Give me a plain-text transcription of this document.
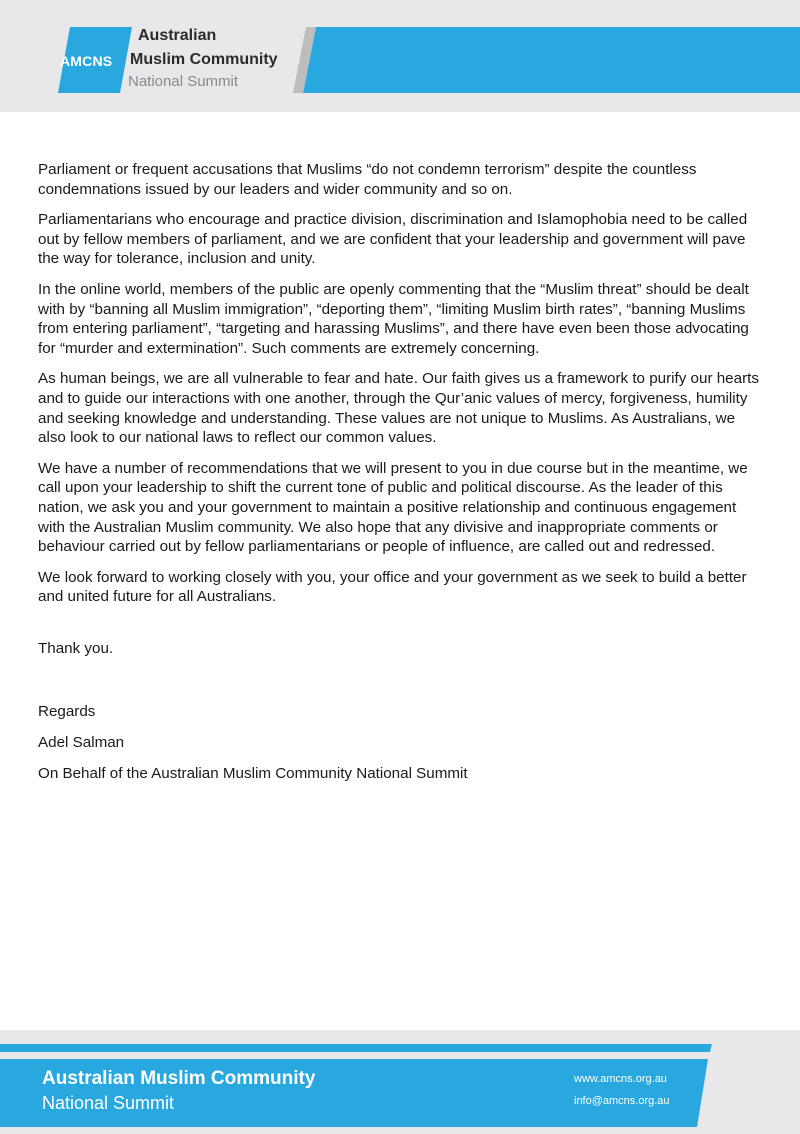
AMCNS
Australian
Muslim Community
National Summit

Parliament or frequent accusations that Muslims “do not condemn terrorism” despite the countless condemnations issued by our leaders and wider community and so on.

Parliamentarians who encourage and practice division, discrimination and Islamophobia need to be called out by fellow members of parliament, and we are confident that your leadership and government will pave the way for tolerance, inclusion and unity.

In the online world, members of the public are openly commenting that the “Muslim threat” should be dealt with by “banning all Muslim immigration”, “deporting them”, “limiting Muslim birth rates”, “banning Muslims from entering parliament”, “targeting and harassing Muslims”, and there have even been those advocating for “murder and extermination”. Such comments are extremely concerning.

As human beings, we are all vulnerable to fear and hate. Our faith gives us a framework to purify our hearts and to guide our interactions with one another, through the Qur’anic values of mercy, forgiveness, humility and seeking knowledge and understanding. These values are not unique to Muslims. As Australians, we also look to our national laws to reflect our common values.

We have a number of recommendations that we will present to you in due course but in the meantime, we call upon your leadership to shift the current tone of public and political discourse. As the leader of this nation, we ask you and your government to maintain a positive relationship and continuous engagement with the Australian Muslim community. We also hope that any divisive and inappropriate comments or behaviour carried out by fellow parliamentarians or people of influence, are called out and redressed.

We look forward to working closely with you, your office and your government as we seek to build a better and united future for all Australians.

Thank you.

Regards

Adel Salman

On Behalf of the Australian Muslim Community National Summit

Australian Muslim Community
National Summit
www.amcns.org.au
info@amcns.org.au
